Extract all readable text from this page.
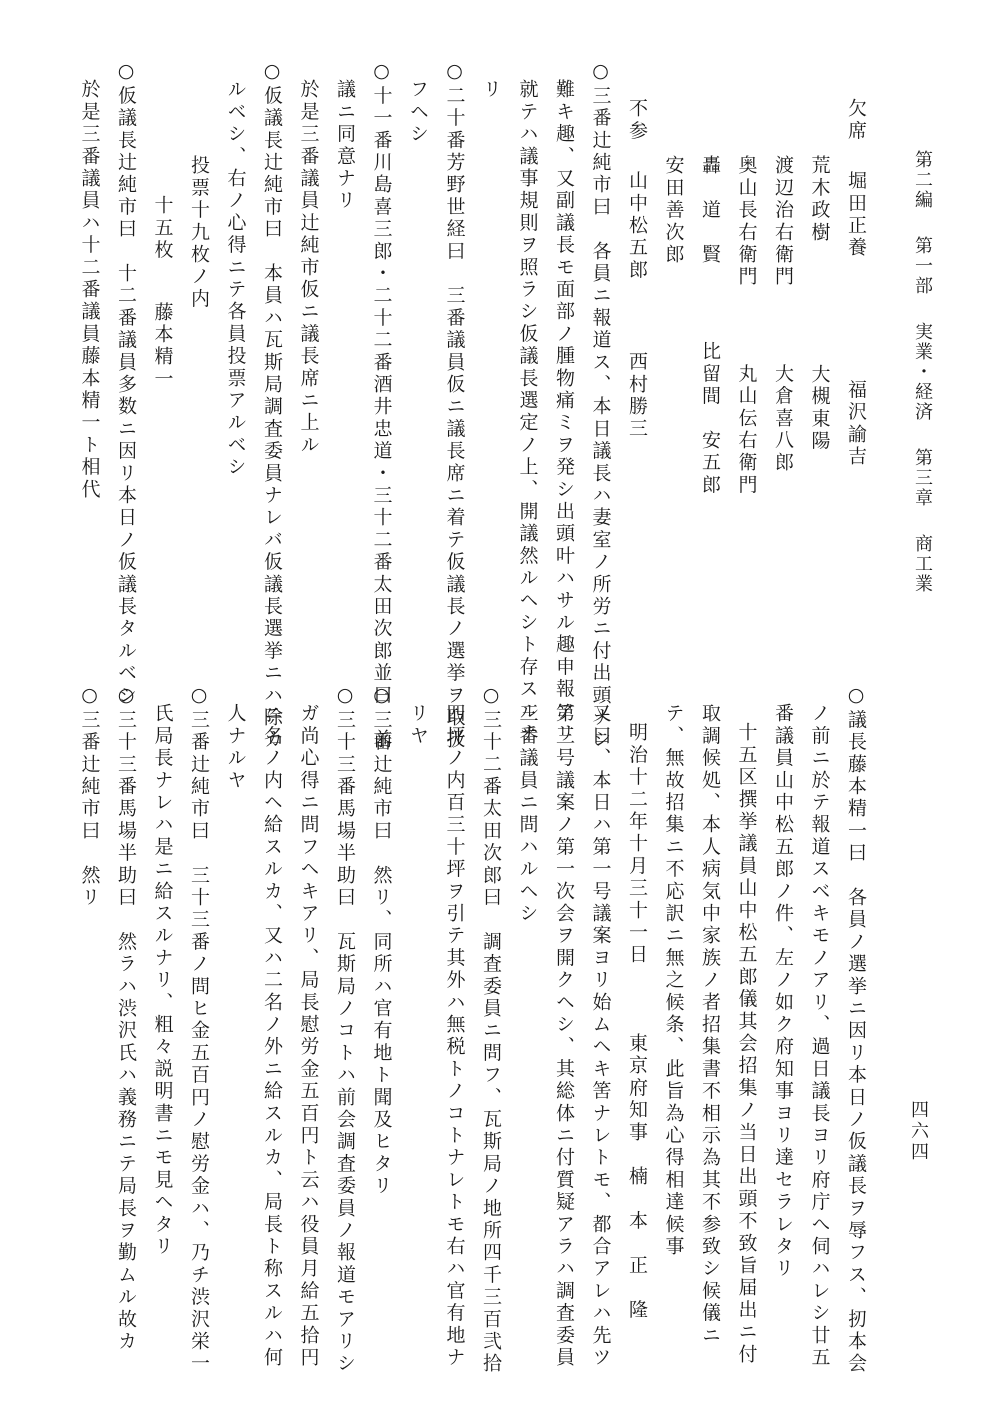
第二編第一部実業・経済第三章商工業
四六四
欠席堀田正養福沢諭吉
荒木政樹大槻東陽
渡辺治右衛門大倉喜八郎
奥山長右衛門丸山伝右衛門
轟　道　賢比留間　安五郎
安田善次郎
不参山中松五郎西村勝三
○三番辻純市曰　各員ニ報道ス、本日議長ハ妻室ノ所労ニ付出頭ナシ
難キ趣、又副議長モ面部ノ腫物痛ミヲ発シ出頭叶ハサル趣申報アリ
就テハ議事規則ヲ照ラシ仮議長選定ノ上、開議然ルヘシト存スルナ
リ
○二十番芳野世経曰　三番議員仮ニ議長席ニ着テ仮議長ノ選挙ヲ取扱
フヘシ
○十一番川島喜三郎・二十二番酒井忠道・三十二番太田次郎並曰　前
議ニ同意ナリ
於是三番議員辻純市仮ニ議長席ニ上ル
○仮議長辻純市曰　本員ハ瓦斯局調査委員ナレバ仮議長選挙ニハ除カ
ルベシ、右ノ心得ニテ各員投票アルベシ
投票十九枚ノ内
十五枚藤本精一
○仮議長辻純市曰　十二番議員多数ニ因リ本日ノ仮議長タルベシ
於是三番議員ハ十二番議員藤本精一ト相代
○議長藤本精一曰　各員ノ選挙ニ因リ本日ノ仮議長ヲ辱フス、扨本会
ノ前ニ於テ報道スベキモノアリ、過日議長ヨリ府庁へ伺ハレシ廿五
番議員山中松五郎ノ件、左ノ如ク府知事ヨリ達セラレタリ
十五区撰挙議員山中松五郎儀其会招集ノ当日出頭不致旨届出ニ付
取調候処、本人病気中家族ノ者招集書不相示為其不参致シ候儀ニ
テ、無故招集ニ不応訳ニ無之候条、此旨為心得相達候事
明治十二年十月三十一日　　　東京府知事　楠　本　正　隆
又曰、本日ハ第一号議案ヨリ始ムヘキ筈ナレトモ、都合アレハ先ツ
第三号議案ノ第一次会ヲ開クヘシ、其総体ニ付質疑アラハ調査委員
三番議員ニ問ハルヘシ
○三十二番太田次郎曰　調査委員ニ問フ、瓦斯局ノ地所四千三百弐拾
四坪ノ内百三十坪ヲ引テ其外ハ無税トノコトナレトモ右ハ官有地ナ
リヤ
○三番辻純市曰　然リ、同所ハ官有地ト聞及ヒタリ
○三十三番馬場半助曰　瓦斯局ノコトハ前会調査委員ノ報道モアリシ
ガ尚心得ニ問フヘキアリ、局長慰労金五百円ト云ハ役員月給五拾円
ニ名ノ内ヘ給スルカ、又ハ二名ノ外ニ給スルカ、局長ト称スルハ何
人ナルヤ
○三番辻純市曰　三十三番ノ問ヒ金五百円ノ慰労金ハ、乃チ渋沢栄一
氏局長ナレハ是ニ給スルナリ、粗々説明書ニモ見ヘタリ
○三十三番馬場半助曰　然ラハ渋沢氏ハ義務ニテ局長ヲ勤ムル故カ
○三番辻純市曰　然リ
